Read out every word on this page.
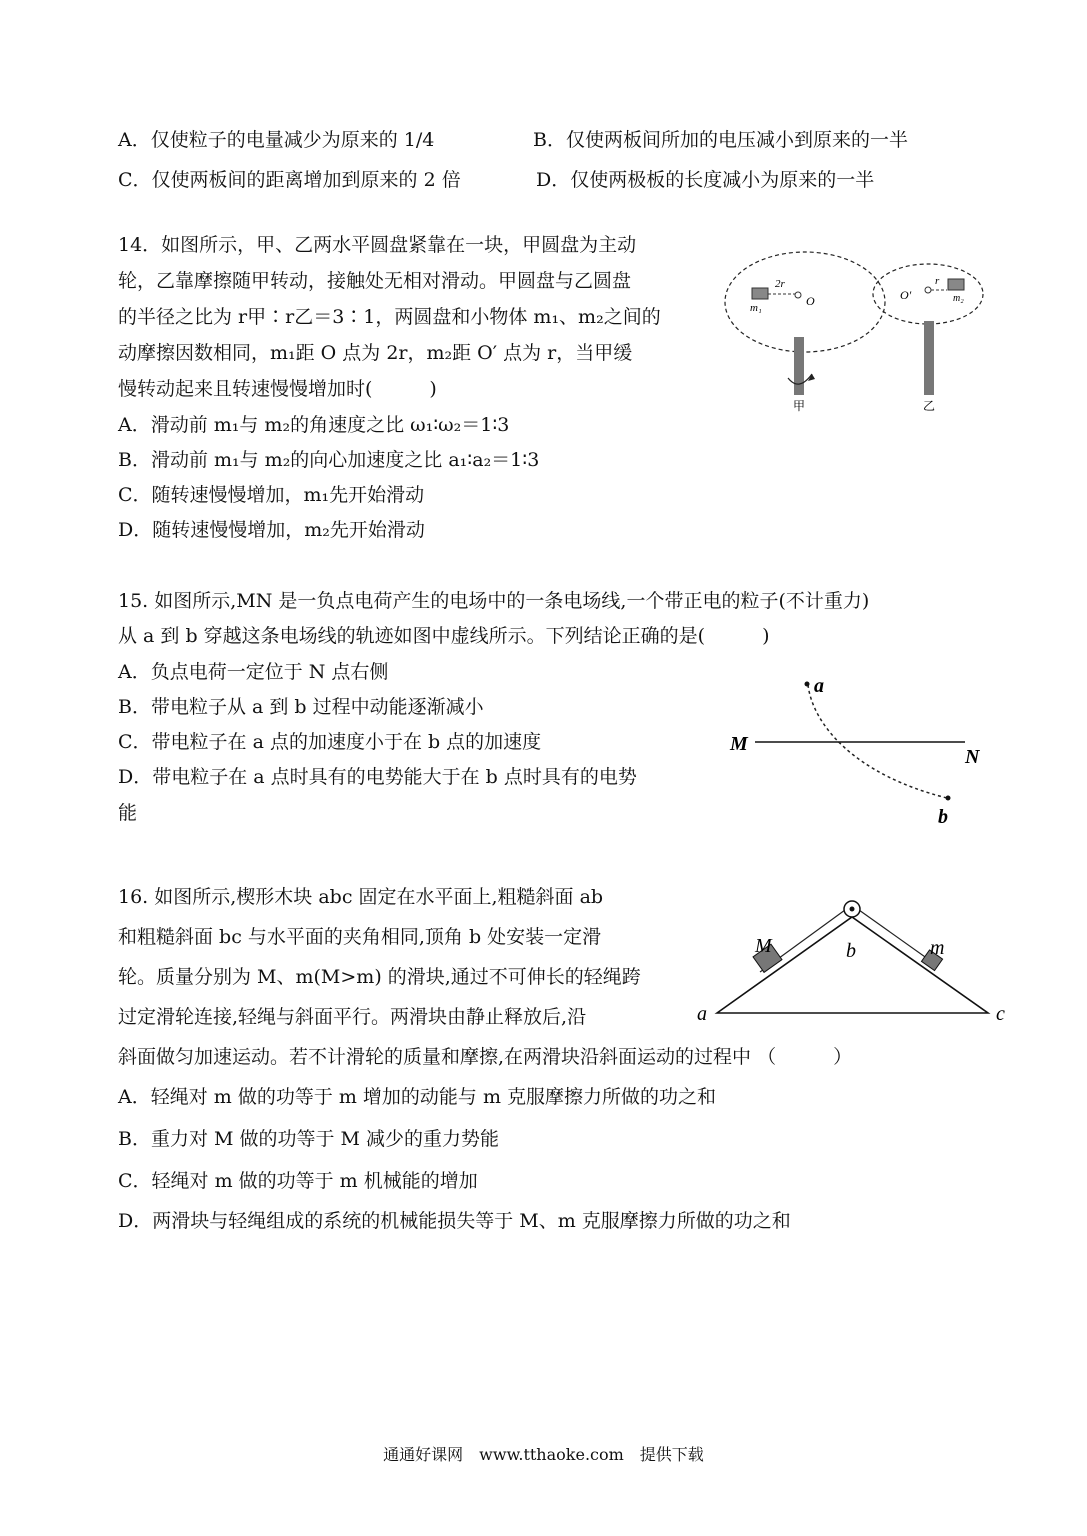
A．仅使粒子的电量减少为原来的 1/4	B．仅使两板间所加的电压减小到原来的一半
C．仅使两板间的距离增加到原来的 2 倍	D．仅使两极板的长度减小为原来的一半
14．如图所示，甲、乙两水平圆盘紧靠在一块，甲圆盘为主动
轮，乙靠摩擦随甲转动，接触处无相对滑动。甲圆盘与乙圆盘
的半径之比为 r甲∶r乙＝3∶1，两圆盘和小物体 m₁、m₂之间的
动摩擦因数相同，m₁距 O 点为 2r，m₂距 O′ 点为 r，当甲缓
慢转动起来且转速慢慢增加时(　　　)
A．滑动前 m₁与 m₂的角速度之比 ω₁∶ω₂＝1∶3
B．滑动前 m₁与 m₂的向心加速度之比 a₁∶a₂＝1∶3
C．随转速慢慢增加，m₁先开始滑动
D．随转速慢慢增加，m₂先开始滑动
m₁
2r
O	O′
r
m₂
甲	乙
15. 如图所示,MN 是一负点电荷产生的电场中的一条电场线,一个带正电的粒子(不计重力)
从 a 到 b 穿越这条电场线的轨迹如图中虚线所示。下列结论正确的是(　　　)
A．负点电荷一定位于 N 点右侧
B．带电粒子从 a 到 b 过程中动能逐渐减小
C．带电粒子在 a 点的加速度小于在 b 点的加速度
D．带电粒子在 a 点时具有的电势能大于在 b 点时具有的电势
能
M
N
a
b
16. 如图所示,楔形木块 abc 固定在水平面上,粗糙斜面 ab
和粗糙斜面 bc 与水平面的夹角相同,顶角 b 处安装一定滑
轮。质量分别为 M、m(M>m) 的滑块,通过不可伸长的轻绳跨
过定滑轮连接,轻绳与斜面平行。两滑块由静止释放后,沿
斜面做匀加速运动。若不计滑轮的质量和摩擦,在两滑块沿斜面运动的过程中 （　　　）
A．轻绳对 m 做的功等于 m 增加的动能与 m 克服摩擦力所做的功之和
B．重力对 M 做的功等于 M 减少的重力势能
C．轻绳对 m 做的功等于 m 机械能的增加
D．两滑块与轻绳组成的系统的机械能损失等于 M、m 克服摩擦力所做的功之和
M	b	m
a	c
通通好课网　www.tthaoke.com　提供下载
